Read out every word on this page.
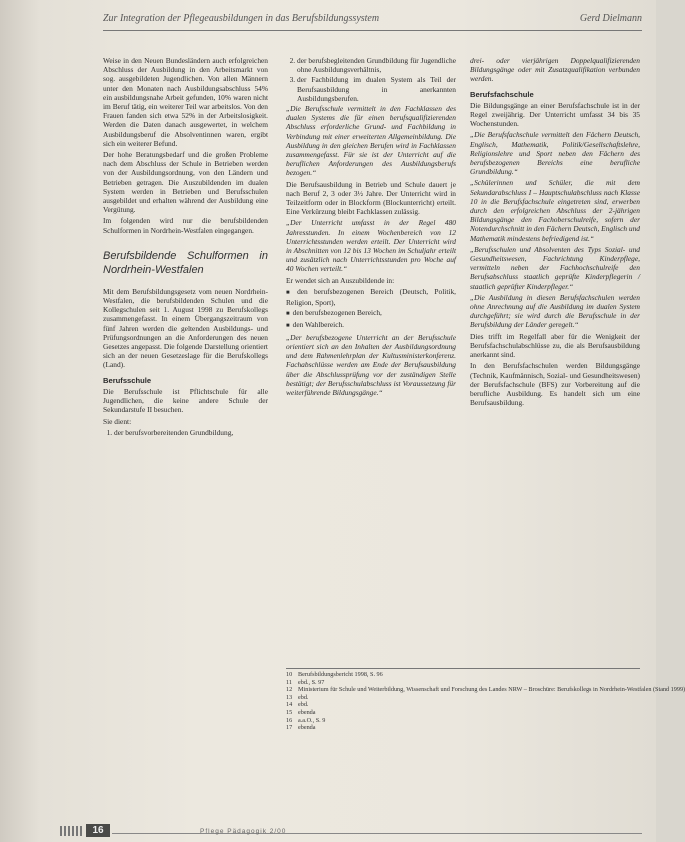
Zur Integration der Pflegeausbildungen in das Berufsbildungssystem	Gerd Dielmann

Weise in den Neuen Bundesländern auch erfolgreichen Abschluss der Ausbildung in den Arbeitsmarkt von sog. ausgebildeten Jugendlichen. Von allen Männern unter den Monaten nach Ausbildungsabschluss 54% ein ausbildungsnahe Arbeit gefunden, 10% waren nicht im Beruf tätig, ein weiterer Teil war arbeitslos. Von den Frauen fanden sich etwa 52% in der Arbeitslosigkeit. Werden die Daten danach ausgewertet, in welchem Ausbildungsberuf die Absolventinnen waren, ergibt sich ein weiterer Befund.

Der hohe Beratungsbedarf und die großen Probleme nach dem Abschluss der Schule in Betrieben werden von der Ausbildungsordnung, von den Ländern und Betrieben getragen. Die Auszubildenden im dualen System werden in Betrieben und Berufsschulen ausgebildet und erhalten während der Ausbildung eine Vergütung.

Im folgenden wird nur die berufsbildenden Schulformen in Nordrhein-Westfalen eingegangen.

Berufsbildende Schulformen in Nordrhein-Westfalen

Mit dem Berufsbildungsgesetz vom neuen Nordrhein-Westfalen, die berufsbildenden Schulen und die Kollegschulen seit 1. August 1998 zu Berufskollegs zusammengefasst. In einem Übergangszeitraum von fünf Jahren werden die geltenden Ausbildungs- und Prüfungsordnungen an die Anforderungen des neuen Gesetzes angepasst. Die folgende Darstellung orientiert sich an der neuen Gesetzeslage für die Berufskollegs (Land).

Berufsschule

Die Berufsschule ist Pflichtschule für alle Jugendlichen, die keine andere Schule der Sekundarstufe II besuchen.

Sie dient:

1. der berufsvorbereitenden Grundbildung,
2. der berufsbegleitenden Grundbildung für Jugendliche ohne Ausbildungsverhältnis,
3. der Fachbildung im dualen System als Teil der Berufsausbildung in anerkannten Ausbildungsberufen.

„Die Berufsschule vermittelt in den Fachklassen des dualen Systems die für einen berufsqualifizierenden Abschluss erforderliche Grund- und Fachbildung in Verbindung mit einer erweiterten Allgemeinbildung. Die Ausbildung in den gleichen Berufen wird in Fachklassen zusammengefasst. Für sie ist der Unterricht auf die beruflichen Anforderungen des Ausbildungsberufs bezogen.“

Die Berufsausbildung in Betrieb und Schule dauert je nach Beruf 2, 3 oder 3½ Jahre. Der Unterricht wird in Teilzeitform oder in Blockform (Blockunterricht) erteilt. Eine Verkürzung bleibt Fachklassen zulässig.

„Der Unterricht umfasst in der Regel 480 Jahresstunden. In einem Wochenbereich von 12 Unterrichtsstunden werden erteilt. Der Unterricht wird in Abschnitten von 12 bis 13 Wochen im Schuljahr erteilt und zusätzlich nach Unterrichtsstunden pro Woche auf 40 Wochen verteilt.“

Er wendet sich an Auszubildende in:

■ den berufsbezogenen Bereich (Deutsch, Politik, Religion, Sport),
■ den berufsbezogenen Bereich,
■ den Wahlbereich.

„Der berufsbezogene Unterricht an der Berufsschule orientiert sich an den Inhalten der Ausbildungsordnung und dem Rahmenlehrplan der Kultusministerkonferenz. Fachabschlüsse werden am Ende der Berufsausbildung über die Abschlussprüfung vor der zuständigen Stelle bestätigt; der Berufsschulabschluss ist Voraussetzung für weiterführende Bildungsgänge.“

drei- oder vierjährigen Doppelqualifizierenden Bildungsgänge oder mit Zusatzqualifikation verbunden werden.

Berufsfachschule

Die Bildungsgänge an einer Berufsfachschule ist in der Regel zweijährig. Der Unterricht umfasst 34 bis 35 Wochenstunden.

„Die Berufsfachschule vermittelt den Fächern Deutsch, Englisch, Mathematik, Politik/Gesellschaftslehre, Religionslehre und Sport neben den Fächern des berufsbezogenen Bereichs eine berufliche Grundbildung.“

„Schülerinnen und Schüler, die mit dem Sekundarabschluss I – Hauptschulabschluss nach Klasse 10 in die Berufsfachschule eingetreten sind, erwerben durch den erfolgreichen Abschluss der 2-jährigen Bildungsgänge den Fachoberschulreife, sofern der Notendurchschnitt in den Fächern Deutsch, Englisch und Mathematik mindestens befriedigend ist.“

„Berufsschulen und Absolventen des Typs Sozial- und Gesundheitswesen, Fachrichtung Kinderpflege, vermitteln neben der Fachhochschulreife den Berufsabschluss staatlich geprüfte Kinderpflegerin / staatlich geprüfter Kinderpfleger.“

„Die Ausbildung in diesen Berufsfachschulen werden ohne Anrechnung auf die Ausbildung im dualen System durchgeführt; sie wird durch die Berufsschule in der Berufsbildung der Länder geregelt.“

Dies trifft im Regelfall aber für die Wenigkeit der Berufsfachschulabschlüsse zu, die als Berufsausbildung anerkannt sind.

In den Berufsfachschulen werden Bildungsgänge (Technik, Kaufmännisch, Sozial- und Gesundheitswesen) der Berufsfachschule (BFS) zur Vorbereitung auf die berufliche Ausbildung. Es handelt sich um eine Berufsausbildung.

10 Berufsbildungsbericht 1998, S. 96
11 ebd., S. 97
12 Ministerium für Schule und Weiterbildung, Wissenschaft und Forschung des Landes NRW – Broschüre: Berufskollegs in Nordrhein-Westfalen (Stand 1999)
13 ebd.
14 ebd.
15 ebenda
16 a.a.O., S. 9
17 ebenda
16	Pflege Pädagogik 2/00
